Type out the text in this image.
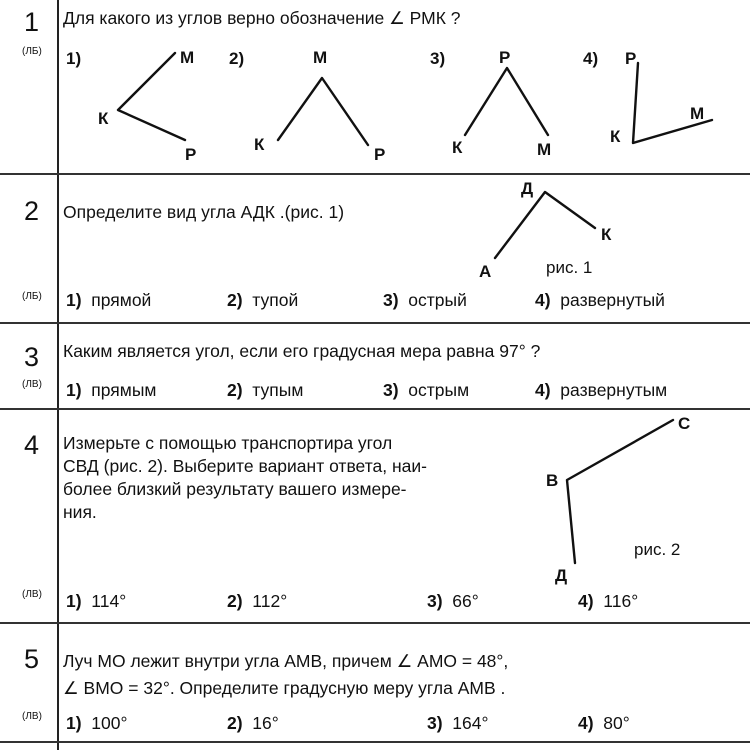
1
(ЛБ)
Для какого из углов верно обозначение ∠ РМК ?
1)	М
К
Р
2)	М
К
Р
3)	Р
К	М
4) Р
М
К
2 Определите вид угла АДК .(рис. 1)
Д
К
А	рис. 1
(ЛБ) 1) прямой	2) тупой	3) острый	4) развернутый
3 Каким является угол, если его градусная мера равна 97° ?
(ЛВ) 1) прямым	2) тупым	3) острым	4) развернутым
4 Измерьте с помощью транспортира угол
СВД (рис. 2). Выберите вариант ответа, наи-
более близкий результату вашего измере-
ния.
С
В
Д
рис. 2
(ЛВ) 1) 114°	2) 112°	3) 66°	4) 116°
5 Луч МО лежит внутри угла АМВ, причем ∠ АМО = 48°,
∠ ВМО = 32°. Определите градусную меру угла АМВ .
(ЛВ) 1) 100°	2) 16°	3) 164°	4) 80°
